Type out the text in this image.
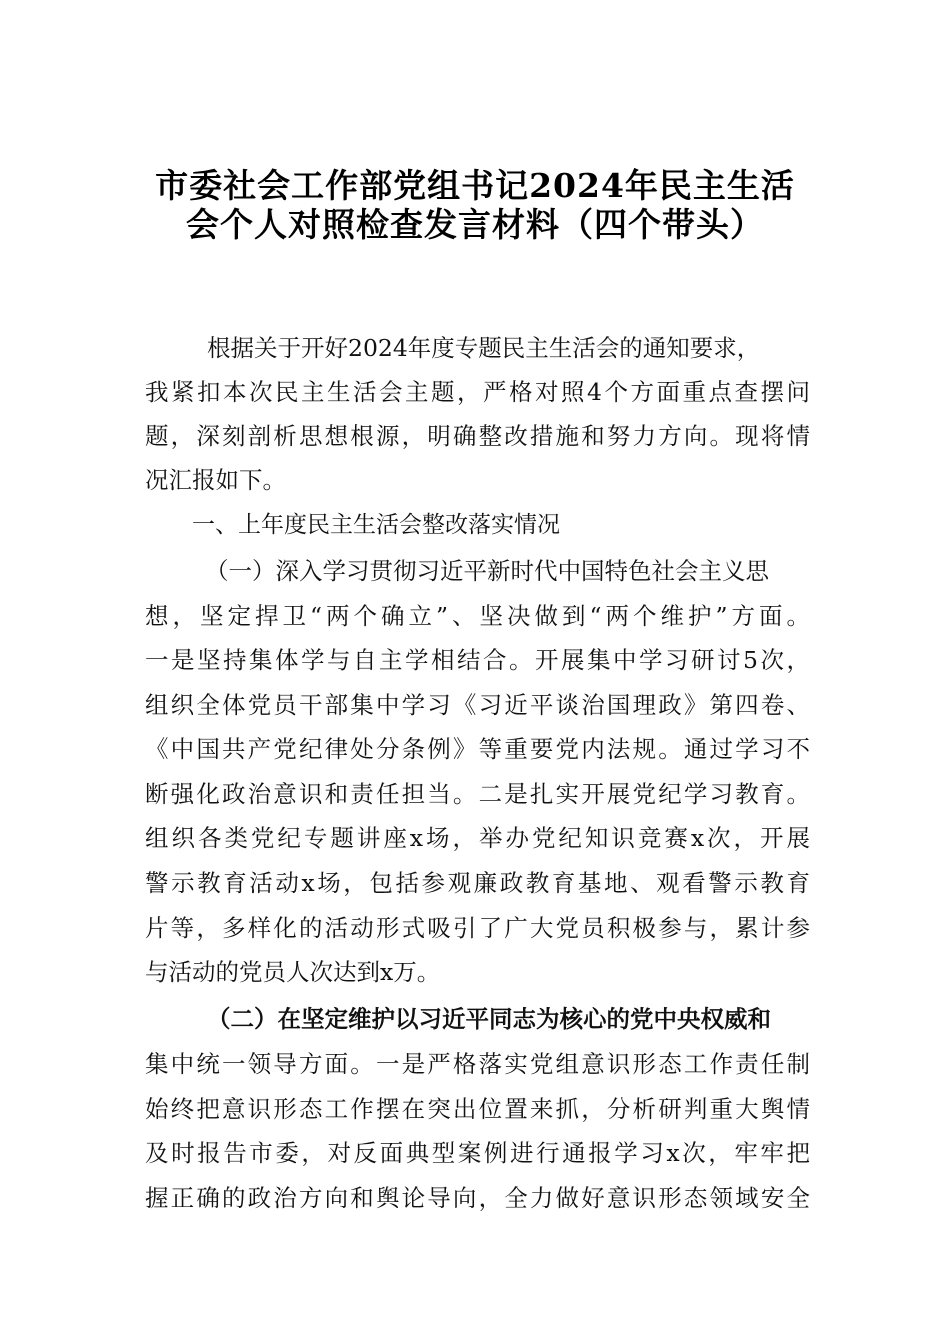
市委社会工作部党组书记2024年民主生活
会个人对照检查发言材料（四个带头）
根据关于开好2024年度专题民主生活会的通知要求，
我紧扣本次民主生活会主题，严格对照4个方面重点查摆问
题，深刻剖析思想根源，明确整改措施和努力方向。现将情
况汇报如下。
一、上年度民主生活会整改落实情况
（一）深入学习贯彻习近平新时代中国特色社会主义思
想，坚定捍卫“两个确立”、坚决做到“两个维护”方面。
一是坚持集体学与自主学相结合。开展集中学习研讨5次，
组织全体党员干部集中学习《习近平谈治国理政》第四卷、
《中国共产党纪律处分条例》等重要党内法规。通过学习不
断强化政治意识和责任担当。二是扎实开展党纪学习教育。
组织各类党纪专题讲座x场，举办党纪知识竞赛x次，开展
警示教育活动x场，包括参观廉政教育基地、观看警示教育
片等，多样化的活动形式吸引了广大党员积极参与，累计参
与活动的党员人次达到x万。
（二）在坚定维护以习近平同志为核心的党中央权威和
集中统一领导方面。一是严格落实党组意识形态工作责任制
始终把意识形态工作摆在突出位置来抓，分析研判重大舆情
及时报告市委，对反面典型案例进行通报学习x次，牢牢把
握正确的政治方向和舆论导向，全力做好意识形态领域安全
